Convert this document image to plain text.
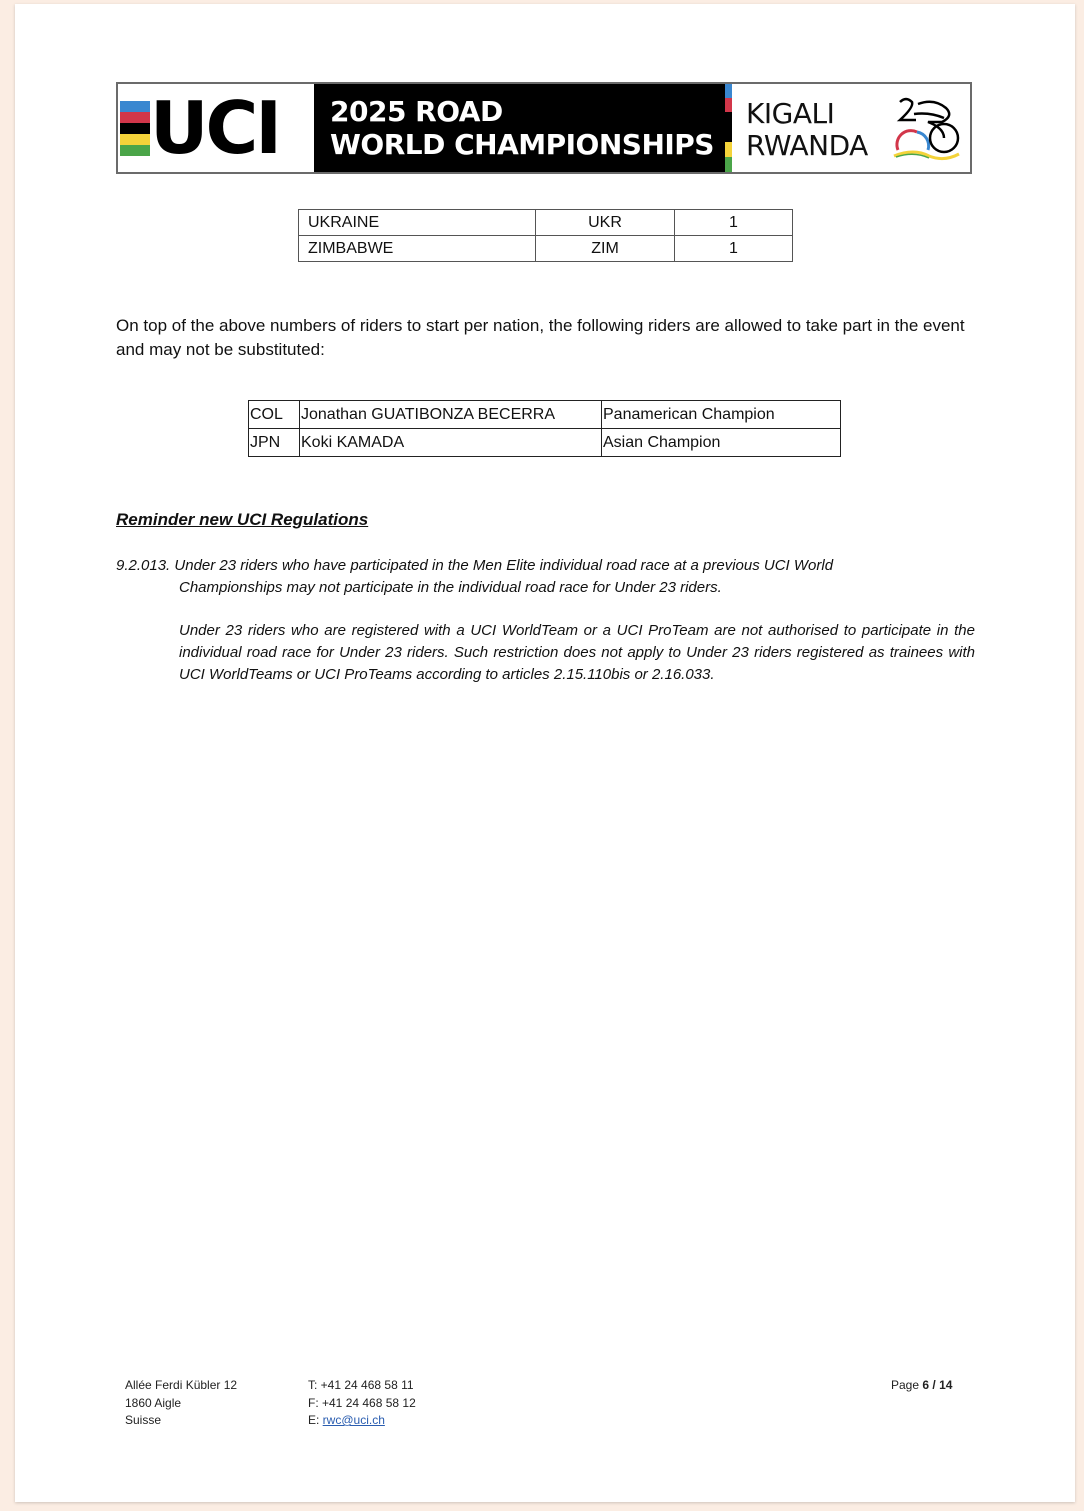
UCI 2025 ROAD
WORLD CHAMPIONSHIPS
KIGALI
RWANDA
UKRAINE	UKR	1
ZIMBABWE	ZIM	1
On top of the above numbers of riders to start per nation, the following riders are allowed to take part in the event and may not be substituted:
COL	Jonathan GUATIBONZA BECERRA	Panamerican Champion
JPN	Koki KAMADA	Asian Champion
Reminder new UCI Regulations
9.2.013. Under 23 riders who have participated in the Men Elite individual road race at a previous UCI World
Championships may not participate in the individual road race for Under 23 riders.
Under 23 riders who are registered with a UCI WorldTeam or a UCI ProTeam are not authorised to participate in the individual road race for Under 23 riders. Such restriction does not apply to Under 23 riders registered as trainees with UCI WorldTeams or UCI ProTeams according to articles 2.15.110bis or 2.16.033.
Allée Ferdi Kübler 12
1860 Aigle
Suisse
T: +41 24 468 58 11
F: +41 24 468 58 12
E: rwc@uci.ch
Page 6 / 14
